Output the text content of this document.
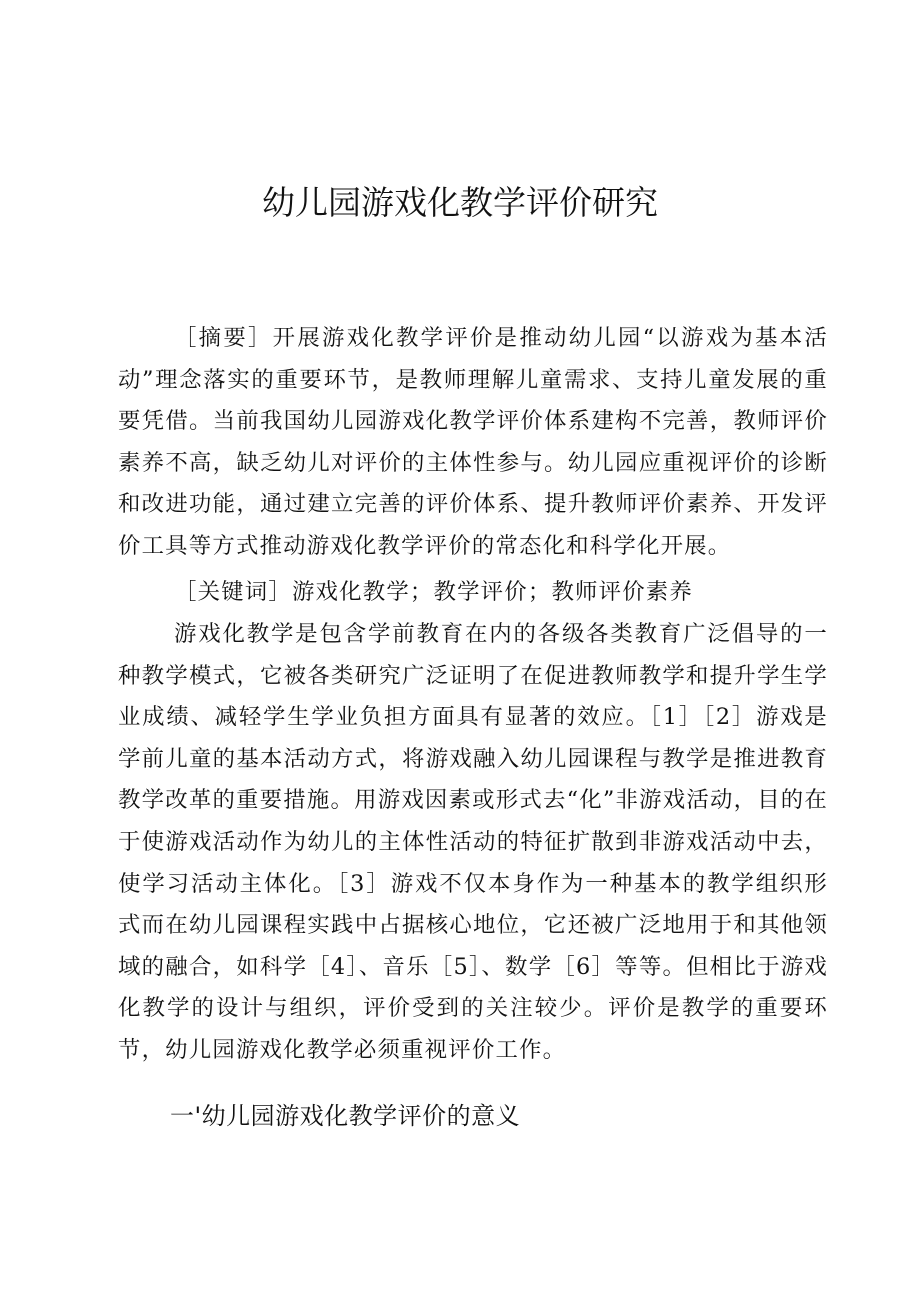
幼儿园游戏化教学评价研究

［摘要］开展游戏化教学评价是推动幼儿园“以游戏为基本活动”理念落实的重要环节，是教师理解儿童需求、支持儿童发展的重要凭借。当前我国幼儿园游戏化教学评价体系建构不完善，教师评价素养不高，缺乏幼儿对评价的主体性参与。幼儿园应重视评价的诊断和改进功能，通过建立完善的评价体系、提升教师评价素养、开发评价工具等方式推动游戏化教学评价的常态化和科学化开展。

［关键词］游戏化教学；教学评价；教师评价素养

游戏化教学是包含学前教育在内的各级各类教育广泛倡导的一种教学模式，它被各类研究广泛证明了在促进教师教学和提升学生学业成绩、减轻学生学业负担方面具有显著的效应。［1］［2］游戏是学前儿童的基本活动方式，将游戏融入幼儿园课程与教学是推进教育教学改革的重要措施。用游戏因素或形式去“化”非游戏活动，目的在于使游戏活动作为幼儿的主体性活动的特征扩散到非游戏活动中去，使学习活动主体化。［3］游戏不仅本身作为一种基本的教学组织形式而在幼儿园课程实践中占据核心地位，它还被广泛地用于和其他领域的融合，如科学［4］、音乐［5］、数学［6］等等。但相比于游戏化教学的设计与组织，评价受到的关注较少。评价是教学的重要环节，幼儿园游戏化教学必须重视评价工作。

一'幼儿园游戏化教学评价的意义
